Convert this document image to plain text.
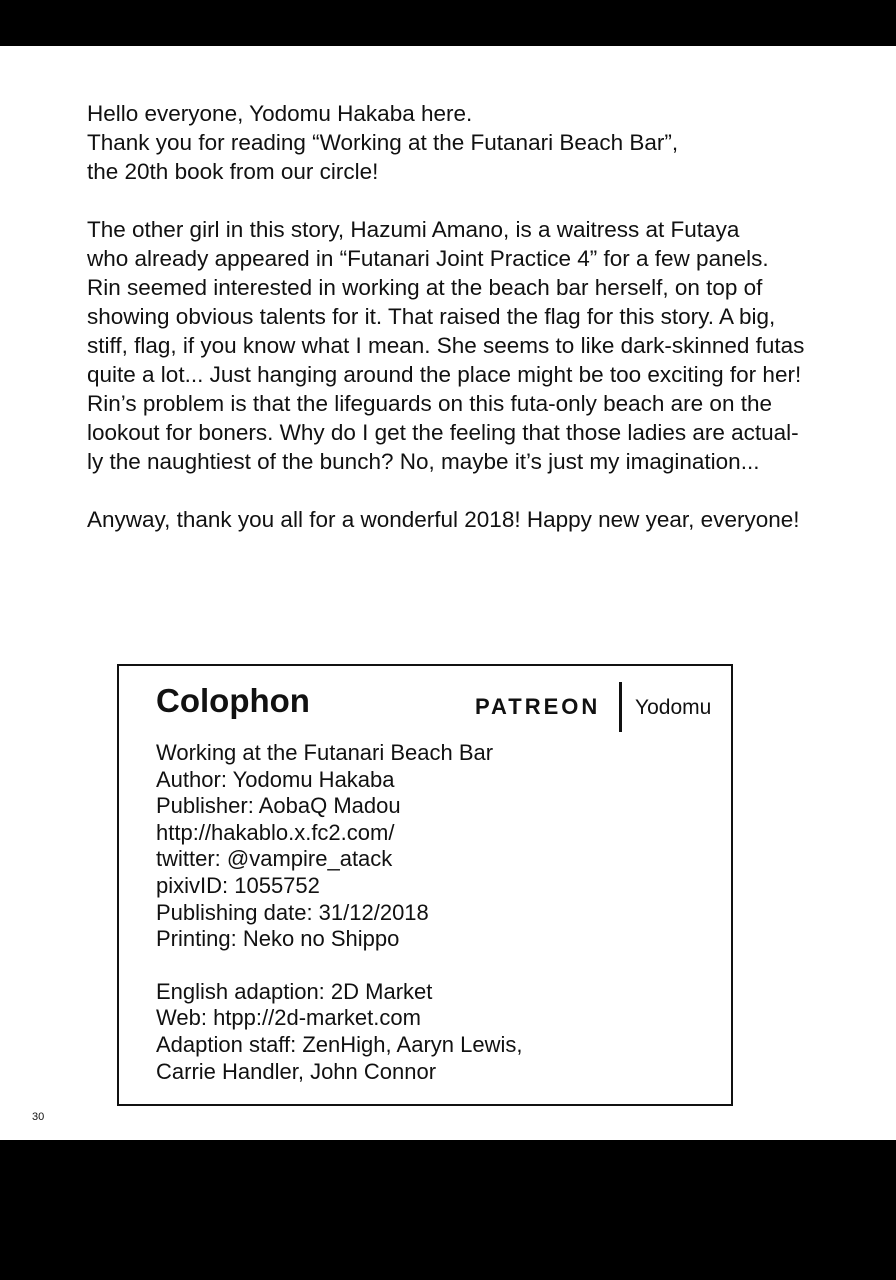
Hello everyone, Yodomu Hakaba here.
Thank you for reading “Working at the Futanari Beach Bar”,
the 20th book from our circle!
The other girl in this story, Hazumi Amano, is a waitress at Futaya
who already appeared in “Futanari Joint Practice 4” for a few panels.
Rin seemed interested in working at the beach bar herself, on top of
showing obvious talents for it. That raised the flag for this story. A big,
stiff, flag, if you know what I mean. She seems to like dark-skinned futas
quite a lot... Just hanging around the place might be too exciting for her!
Rin’s problem is that the lifeguards on this futa-only beach are on the
lookout for boners. Why do I get the feeling that those ladies are actual-
ly the naughtiest of the bunch? No, maybe it’s just my imagination...
Anyway, thank you all for a wonderful 2018! Happy new year, everyone!
Colophon	PATREON Yodomu
Working at the Futanari Beach Bar
Author: Yodomu Hakaba
Publisher: AobaQ Madou
http://hakablo.x.fc2.com/
twitter: @vampire_atack
pixivID: 1055752
Publishing date: 31/12/2018
Printing: Neko no Shippo
English adaption: 2D Market
Web: htpp://2d-market.com
Adaption staff: ZenHigh, Aaryn Lewis,
Carrie Handler, John Connor
30
